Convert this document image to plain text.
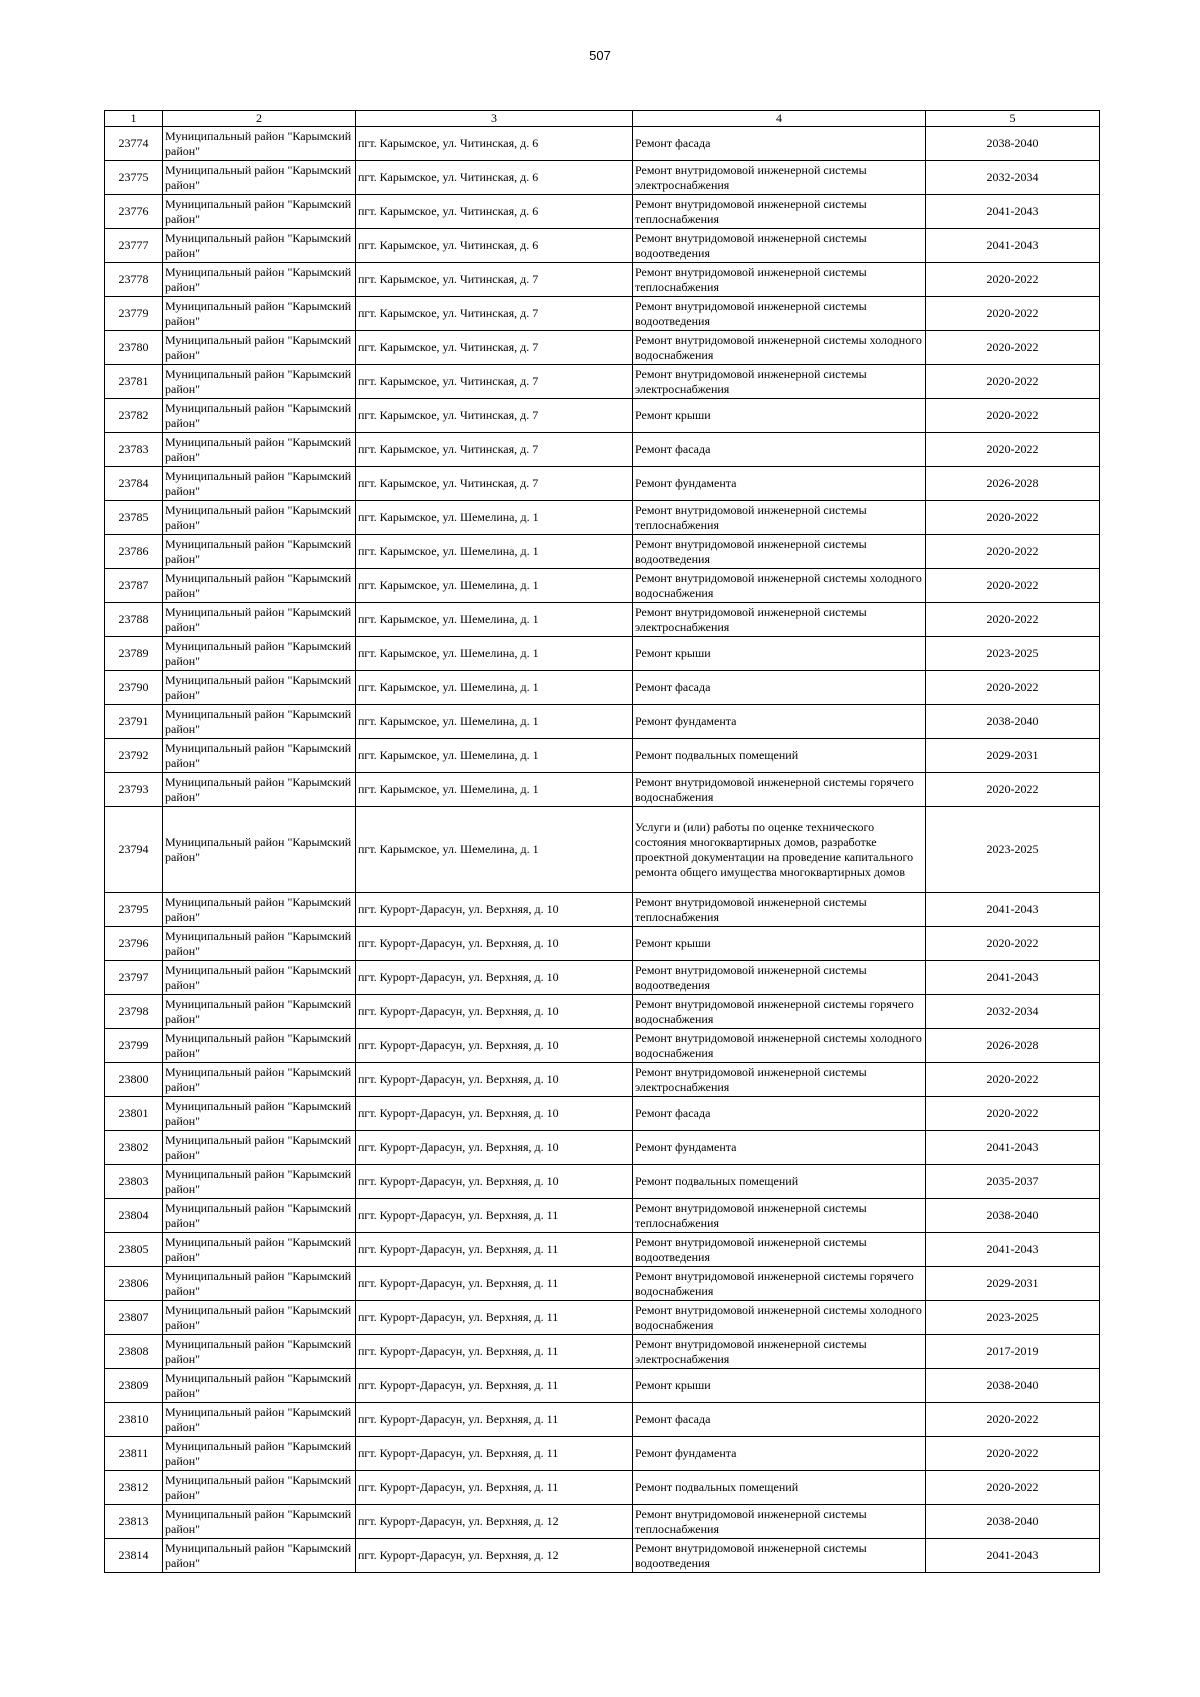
507
1	2	3	4	5
23774	Муниципальный район "Карымский район"	пгт. Карымское, ул. Читинская, д. 6	Ремонт фасада	2038-2040
23775	Муниципальный район "Карымский район"	пгт. Карымское, ул. Читинская, д. 6	Ремонт внутридомовой инженерной системы электроснабжения	2032-2034
23776	Муниципальный район "Карымский район"	пгт. Карымское, ул. Читинская, д. 6	Ремонт внутридомовой инженерной системы теплоснабжения	2041-2043
23777	Муниципальный район "Карымский район"	пгт. Карымское, ул. Читинская, д. 6	Ремонт внутридомовой инженерной системы водоотведения	2041-2043
23778	Муниципальный район "Карымский район"	пгт. Карымское, ул. Читинская, д. 7	Ремонт внутридомовой инженерной системы теплоснабжения	2020-2022
23779	Муниципальный район "Карымский район"	пгт. Карымское, ул. Читинская, д. 7	Ремонт внутридомовой инженерной системы водоотведения	2020-2022
23780	Муниципальный район "Карымский район"	пгт. Карымское, ул. Читинская, д. 7	Ремонт внутридомовой инженерной системы холодного водоснабжения	2020-2022
23781	Муниципальный район "Карымский район"	пгт. Карымское, ул. Читинская, д. 7	Ремонт внутридомовой инженерной системы электроснабжения	2020-2022
23782	Муниципальный район "Карымский район"	пгт. Карымское, ул. Читинская, д. 7	Ремонт крыши	2020-2022
23783	Муниципальный район "Карымский район"	пгт. Карымское, ул. Читинская, д. 7	Ремонт фасада	2020-2022
23784	Муниципальный район "Карымский район"	пгт. Карымское, ул. Читинская, д. 7	Ремонт фундамента	2026-2028
23785	Муниципальный район "Карымский район"	пгт. Карымское, ул. Шемелина, д. 1	Ремонт внутридомовой инженерной системы теплоснабжения	2020-2022
23786	Муниципальный район "Карымский район"	пгт. Карымское, ул. Шемелина, д. 1	Ремонт внутридомовой инженерной системы водоотведения	2020-2022
23787	Муниципальный район "Карымский район"	пгт. Карымское, ул. Шемелина, д. 1	Ремонт внутридомовой инженерной системы холодного водоснабжения	2020-2022
23788	Муниципальный район "Карымский район"	пгт. Карымское, ул. Шемелина, д. 1	Ремонт внутридомовой инженерной системы электроснабжения	2020-2022
23789	Муниципальный район "Карымский район"	пгт. Карымское, ул. Шемелина, д. 1	Ремонт крыши	2023-2025
23790	Муниципальный район "Карымский район"	пгт. Карымское, ул. Шемелина, д. 1	Ремонт фасада	2020-2022
23791	Муниципальный район "Карымский район"	пгт. Карымское, ул. Шемелина, д. 1	Ремонт фундамента	2038-2040
23792	Муниципальный район "Карымский район"	пгт. Карымское, ул. Шемелина, д. 1	Ремонт подвальных помещений	2029-2031
23793	Муниципальный район "Карымский район"	пгт. Карымское, ул. Шемелина, д. 1	Ремонт внутридомовой инженерной системы горячего водоснабжения	2020-2022
23794	Муниципальный район "Карымский район"	пгт. Карымское, ул. Шемелина, д. 1	Услуги и (или) работы по оценке технического состояния многоквартирных домов, разработке проектной документации на проведение капитального ремонта общего имущества многоквартирных домов	2023-2025
23795	Муниципальный район "Карымский район"	пгт. Курорт-Дарасун, ул. Верхняя, д. 10	Ремонт внутридомовой инженерной системы теплоснабжения	2041-2043
23796	Муниципальный район "Карымский район"	пгт. Курорт-Дарасун, ул. Верхняя, д. 10	Ремонт крыши	2020-2022
23797	Муниципальный район "Карымский район"	пгт. Курорт-Дарасун, ул. Верхняя, д. 10	Ремонт внутридомовой инженерной системы водоотведения	2041-2043
23798	Муниципальный район "Карымский район"	пгт. Курорт-Дарасун, ул. Верхняя, д. 10	Ремонт внутридомовой инженерной системы горячего водоснабжения	2032-2034
23799	Муниципальный район "Карымский район"	пгт. Курорт-Дарасун, ул. Верхняя, д. 10	Ремонт внутридомовой инженерной системы холодного водоснабжения	2026-2028
23800	Муниципальный район "Карымский район"	пгт. Курорт-Дарасун, ул. Верхняя, д. 10	Ремонт внутридомовой инженерной системы электроснабжения	2020-2022
23801	Муниципальный район "Карымский район"	пгт. Курорт-Дарасун, ул. Верхняя, д. 10	Ремонт фасада	2020-2022
23802	Муниципальный район "Карымский район"	пгт. Курорт-Дарасун, ул. Верхняя, д. 10	Ремонт фундамента	2041-2043
23803	Муниципальный район "Карымский район"	пгт. Курорт-Дарасун, ул. Верхняя, д. 10	Ремонт подвальных помещений	2035-2037
23804	Муниципальный район "Карымский район"	пгт. Курорт-Дарасун, ул. Верхняя, д. 11	Ремонт внутридомовой инженерной системы теплоснабжения	2038-2040
23805	Муниципальный район "Карымский район"	пгт. Курорт-Дарасун, ул. Верхняя, д. 11	Ремонт внутридомовой инженерной системы водоотведения	2041-2043
23806	Муниципальный район "Карымский район"	пгт. Курорт-Дарасун, ул. Верхняя, д. 11	Ремонт внутридомовой инженерной системы горячего водоснабжения	2029-2031
23807	Муниципальный район "Карымский район"	пгт. Курорт-Дарасун, ул. Верхняя, д. 11	Ремонт внутридомовой инженерной системы холодного водоснабжения	2023-2025
23808	Муниципальный район "Карымский район"	пгт. Курорт-Дарасун, ул. Верхняя, д. 11	Ремонт внутридомовой инженерной системы электроснабжения	2017-2019
23809	Муниципальный район "Карымский район"	пгт. Курорт-Дарасун, ул. Верхняя, д. 11	Ремонт крыши	2038-2040
23810	Муниципальный район "Карымский район"	пгт. Курорт-Дарасун, ул. Верхняя, д. 11	Ремонт фасада	2020-2022
23811	Муниципальный район "Карымский район"	пгт. Курорт-Дарасун, ул. Верхняя, д. 11	Ремонт фундамента	2020-2022
23812	Муниципальный район "Карымский район"	пгт. Курорт-Дарасун, ул. Верхняя, д. 11	Ремонт подвальных помещений	2020-2022
23813	Муниципальный район "Карымский район"	пгт. Курорт-Дарасун, ул. Верхняя, д. 12	Ремонт внутридомовой инженерной системы теплоснабжения	2038-2040
23814	Муниципальный район "Карымский район"	пгт. Курорт-Дарасун, ул. Верхняя, д. 12	Ремонт внутридомовой инженерной системы водоотведения	2041-2043
